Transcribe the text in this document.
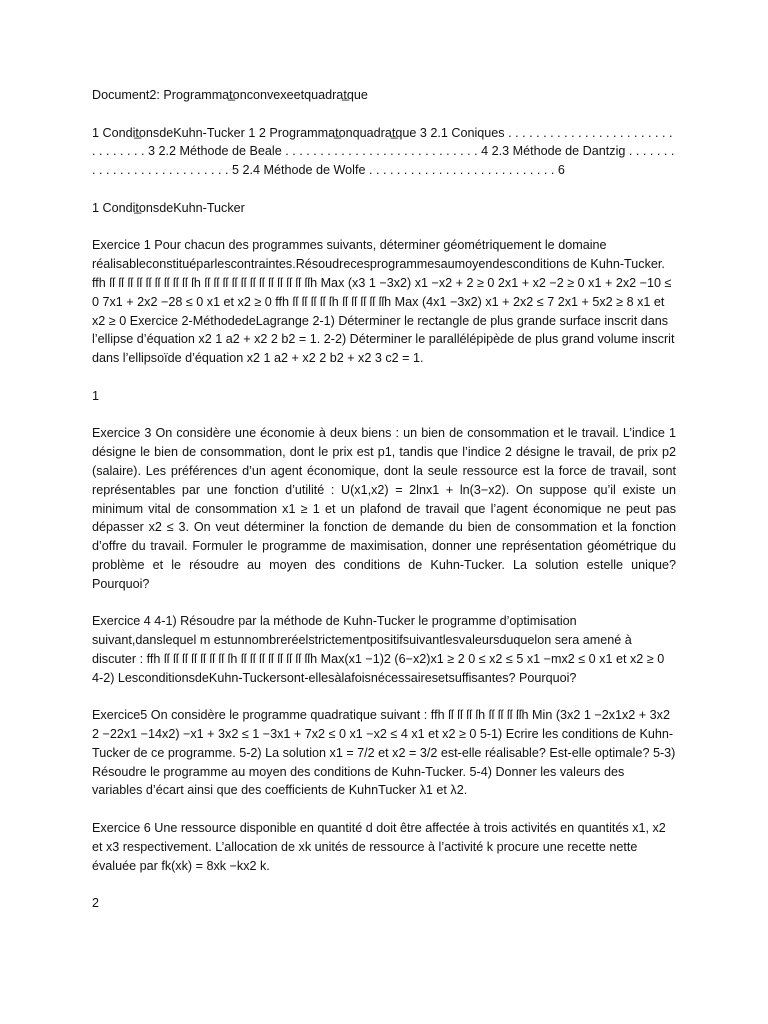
Document2: Programmat̲onconvexeetquadrat̲que

1 Condit̲onsdeKuhn-Tucker 1 2 Programmat̲onquadrat̲que 3 2.1 Coniques . . . . . . . . . . . . . . . . . . . . . . . . . . . . . . . . 3 2.2 Méthode de Beale . . . . . . . . . . . . . . . . . . . . . . . . . . . . 4 2.3 Méthode de Dantzig . . . . . . . . . . . . . . . . . . . . . . . . . . . 5 2.4 Méthode de Wolfe . . . . . . . . . . . . . . . . . . . . . . . . . . . 6

1 Condit̲onsdeKuhn-Tucker

Exercice 1 Pour chacun des programmes suivants, déterminer géométriquement le domaine réalisableconstituéparlescontraintes.Résoudrecesprogrammesaumoyendesconditions de Kuhn-Tucker. ffh ſſ ſſ ſſ ſſ ſſ ſſ ſſ ſſ ſſ ſh ſſ ſſ ſſ ſſ ſſ ſſ ſſ ſſ ſſ ſſ ſſ ſſh Max (x3 1 −3x2) x1 −x2 + 2 ≥ 0 2x1 + x2 −2 ≥ 0 x1 + 2x2 −10 ≤ 0 7x1 + 2x2 −28 ≤ 0 x1 et x2 ≥ 0 ffh ſſ ſſ ſſ ſſ ſh ſſ ſſ ſſ ſſ ſſh Max (4x1 −3x2) x1 + 2x2 ≤ 7 2x1 + 5x2 ≥ 8 x1 et x2 ≥ 0 Exercice 2-MéthodedeLagrange 2-1) Déterminer le rectangle de plus grande surface inscrit dans l’ellipse d’équation x2 1 a2 + x2 2 b2 = 1. 2-2) Déterminer le parallélépipède de plus grand volume inscrit dans l’ellipsoïde d’équation x2 1 a2 + x2 2 b2 + x2 3 c2 = 1.

1

Exercice 3 On considère une économie à deux biens : un bien de consommation et le travail. L’indice 1 désigne le bien de consommation, dont le prix est p1, tandis que l’indice 2 désigne le travail, de prix p2 (salaire). Les préférences d’un agent économique, dont la seule ressource est la force de travail, sont représentables par une fonction d’utilité : U(x1,x2) = 2lnx1 + ln(3−x2). On suppose qu’il existe un minimum vital de consommation x1 ≥ 1 et un plafond de travail que l’agent économique ne peut pas dépasser x2 ≤ 3. On veut déterminer la fonction de demande du bien de consommation et la fonction d’offre du travail. Formuler le programme de maximisation, donner une représentation géométrique du problème et le résoudre au moyen des conditions de Kuhn-Tucker. La solution estelle unique? Pourquoi?

Exercice 4 4-1) Résoudre par la méthode de Kuhn-Tucker le programme d’optimisation suivant,danslequel m estunnombreréelstrictementpositifsuivantlesvaleursduquelon sera amené à discuter : ffh ſſ ſſ ſſ ſſ ſſ ſſ ſſ ſh ſſ ſſ ſſ ſſ ſſ ſſ ſſ ſſh Max(x1 −1)2 (6−x2)x1 ≥ 2 0 ≤ x2 ≤ 5 x1 −mx2 ≤ 0 x1 et x2 ≥ 0 4-2) LesconditionsdeKuhn-Tuckersont-ellesàlafoisnécessairesetsuffisantes? Pourquoi?

Exercice5 On considère le programme quadratique suivant : ffh ſſ ſſ ſſ ſh ſſ ſſ ſſ ſſh Min (3x2 1 −2x1x2 + 3x2 2 −22x1 −14x2) −x1 + 3x2 ≤ 1 −3x1 + 7x2 ≤ 0 x1 −x2 ≤ 4 x1 et x2 ≥ 0 5-1) Ecrire les conditions de Kuhn-Tucker de ce programme. 5-2) La solution x1 = 7/2 et x2 = 3/2 est-elle réalisable? Est-elle optimale? 5-3) Résoudre le programme au moyen des conditions de Kuhn-Tucker. 5-4) Donner les valeurs des variables d’écart ainsi que des coefficients de KuhnTucker λ1 et λ2.

Exercice 6 Une ressource disponible en quantité d doit être affectée à trois activités en quantités x1, x2 et x3 respectivement. L’allocation de xk unités de ressource à l’activité k procure une recette nette évaluée par fk(xk) = 8xk −kx2 k.

2
